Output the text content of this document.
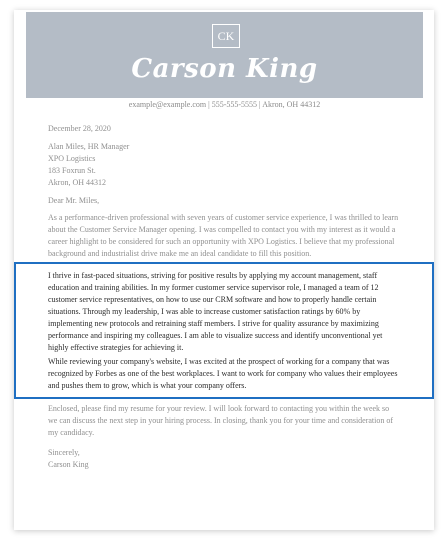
CK
Carson King
example@example.com | 555-555-5555 | Akron, OH 44312
December 28, 2020

Alan Miles, HR Manager

XPO Logistics

183 Foxrun St.

Akron, OH 44312

Dear Mr. Miles,
As a performance-driven professional with seven years of customer service experience, I was thrilled to learn about the Customer Service Manager opening. I was compelled to contact you with my interest as it would a career highlight to be considered for such an opportunity with XPO Logistics. I believe that my professional background and industrialist drive make me an ideal candidate to fill this position.
I thrive in fast-paced situations, striving for positive results by applying my account management, staff education and training abilities. In my former customer service supervisor role, I managed a team of 12 customer service representatives, on how to use our CRM software and how to properly handle certain situations. Through my leadership, I was able to increase customer satisfaction ratings by 60% by implementing new protocols and retraining staff members. I strive for quality assurance by maximizing performance and inspiring my colleagues. I am able to visualize success and identify unconventional yet highly effective strategies for achieving it.
While reviewing your company's website, I was excited at the prospect of working for a company that was recognized by Forbes as one of the best workplaces. I want to work for company who values their employees and pushes them to grow, which is what your company offers.
Enclosed, please find my resume for your review. I will look forward to contacting you within the week so we can discuss the next step in your hiring process. In closing, thank you for your time and consideration of my candidacy.
Sincerely,
Carson King
